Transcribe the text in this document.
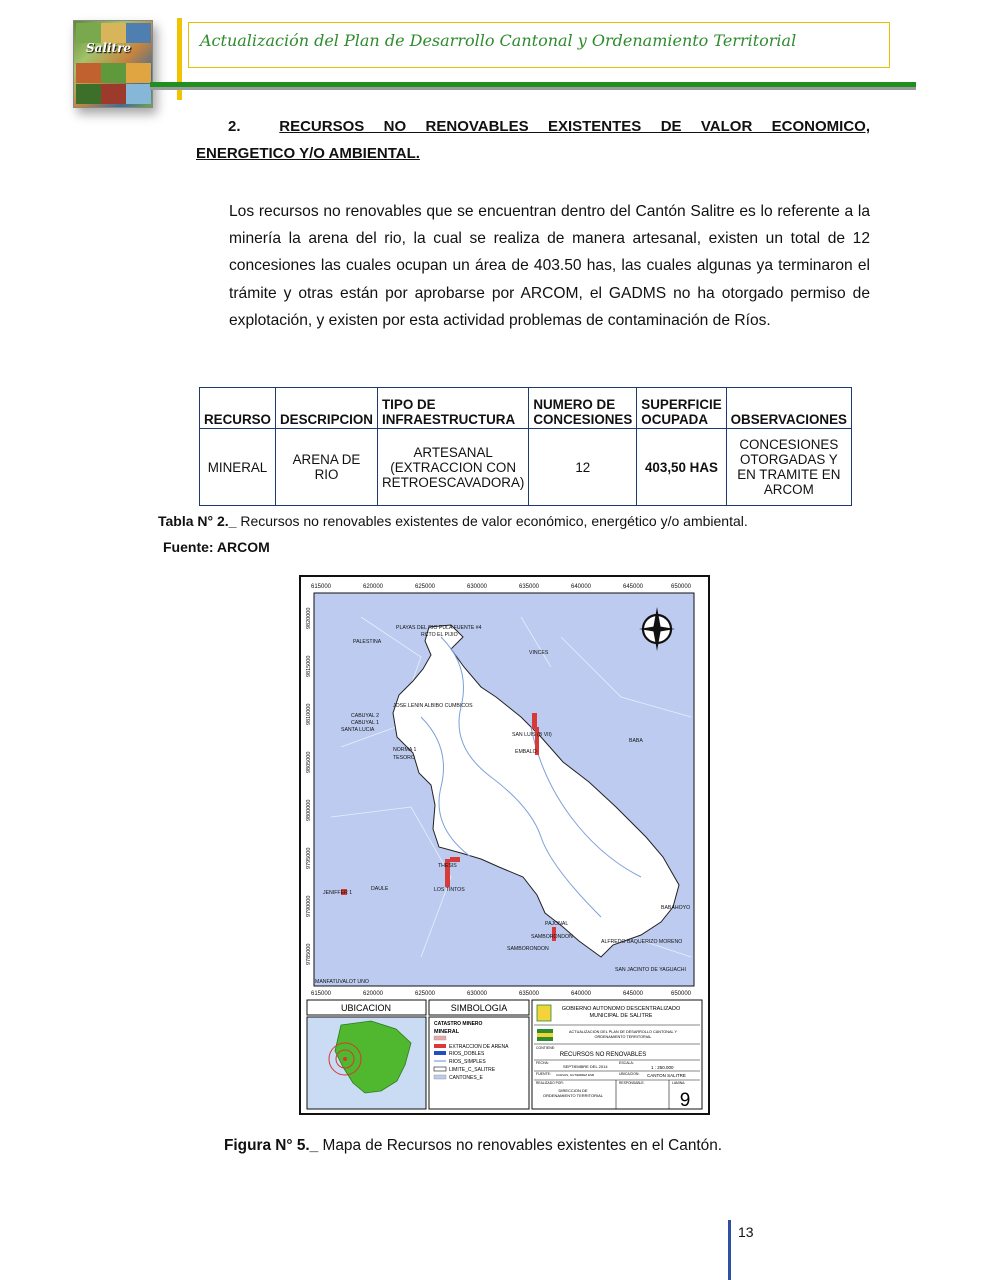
Salitre	Actualización del Plan de Desarrollo Cantonal y Ordenamiento Territorial
2.	RECURSOS NO RENOVABLES EXISTENTES DE VALOR ECONOMICO,
ENERGETICO Y/O AMBIENTAL.
Los recursos no renovables que se encuentran dentro del Cantón Salitre es lo referente a la minería la arena del rio, la cual se realiza de manera artesanal, existen un total de 12 concesiones las cuales ocupan un área de 403.50 has, las cuales algunas ya terminaron el trámite y otras están por aprobarse por ARCOM, el GADMS no ha otorgado permiso de explotación, y existen por esta actividad problemas de contaminación de Ríos.
RECURSO	DESCRIPCION	TIPO DE INFRAESTRUCTURA	NUMERO DE CONCESIONES	SUPERFICIE OCUPADA	OBSERVACIONES
MINERAL	ARENA DE RIO	ARTESANAL (EXTRACCION CON RETROESCAVADORA)	12	403,50 HAS	CONCESIONES OTORGADAS Y EN TRAMITE EN ARCOM
Tabla N° 2._ Recursos no renovables existentes de valor económico, energético y/o ambiental.
Fuente: ARCOM
615000	620000	625000	630000	635000	640000	645000	650000
615000	620000	625000	630000	635000	640000	645000	650000
9820000
9815000
9810000
9805000
9800000
9795000
9790000
9785000
PLAYAS DEL RIO PULA FUENTE #4
RCTO EL PIJIO
PALESTINA
VINCES
JOSE LENIN ALBIBO CUMBICOS
CABUYAL 2
CABUYAL 1
SANTA LUCIA
SAN LUIS (B VII)
EMBALO
BABA
NORMA 1
TESORO
THESIS
LOS TINTOS
JENIFFER 1
DAULE
PAJONAL
SAMBORONDON
SAMBORONDON
BABAHOYO
ALFREDO BAQUERIZO MORENO
SAN JACINTO DE YAGUACHI
MANFATUVALOT UNO
UBICACION	SIMBOLOGIA
CATASTRO MINERO
MINERAL
EXTRACCION DE ARENA
RIOS_DOBLES
RIOS_SIMPLES
LIMITE_C_SALITRE
CANTONES_E
GOBIERNO AUTONOMO DESCENTRALIZADO
MUNICIPAL DE SALITRE
ACTUALIZACION DEL PLAN DE DESARROLLO CANTONAL Y
ORDENAMIENTO TERRITORIAL
CONTIENE:
RECURSOS NO RENOVABLES
FECHA:
SEPTIEMBRE DEL 2014
ESCALA:
1 : 250.000
FUENTE: CUEVAS, GUTIERREZ ESB	UBICACION: CANTON SALITRE
REALIZADO POR:
DIRECCION DE
ORDENAMIENTO TERRITORIAL
RESPONSABLE:	LAMINA:
9
Figura N° 5._ Mapa de Recursos no renovables existentes en el Cantón.
13
